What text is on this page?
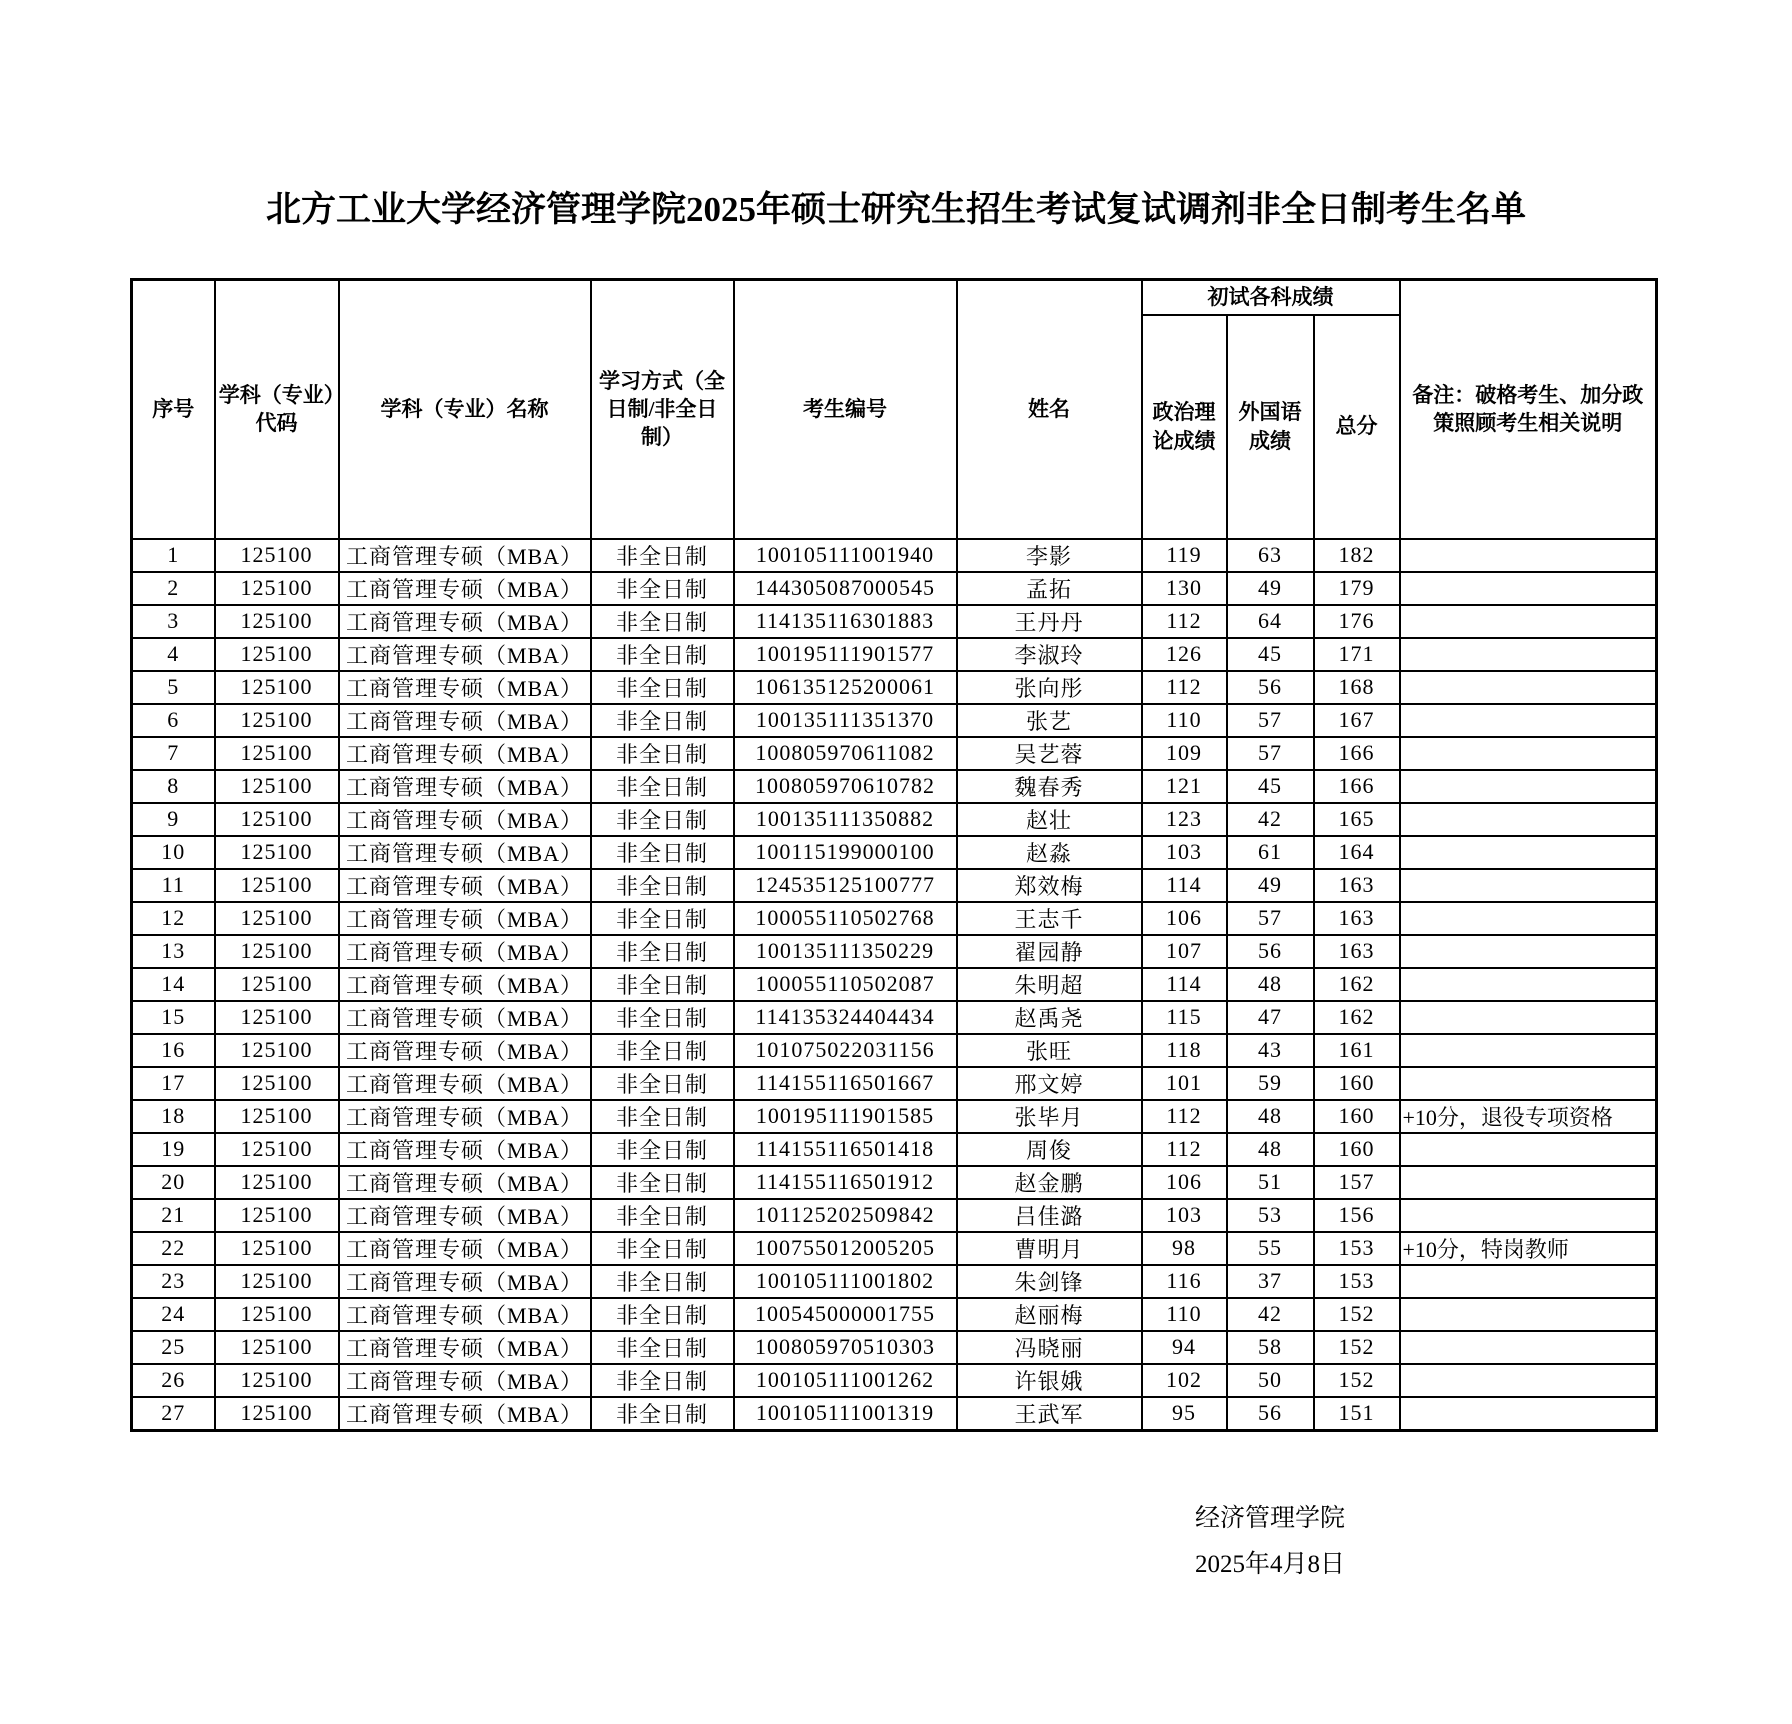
北方工业大学经济管理学院2025年硕士研究生招生考试复试调剂非全日制考生名单
序号	学科（专业）代码	学科（专业）名称	学习方式（全日制/非全日制）	考生编号	姓名	初试各科成绩			备注：破格考生、加分政策照顾考生相关说明
						政治理论成绩	外国语成绩	总分	
1	125100	工商管理专硕（MBA）	非全日制	100105111001940	李影	119	63	182	
2	125100	工商管理专硕（MBA）	非全日制	144305087000545	孟拓	130	49	179	
3	125100	工商管理专硕（MBA）	非全日制	114135116301883	王丹丹	112	64	176	
4	125100	工商管理专硕（MBA）	非全日制	100195111901577	李淑玲	126	45	171	
5	125100	工商管理专硕（MBA）	非全日制	106135125200061	张向彤	112	56	168	
6	125100	工商管理专硕（MBA）	非全日制	100135111351370	张艺	110	57	167	
7	125100	工商管理专硕（MBA）	非全日制	100805970611082	吴艺蓉	109	57	166	
8	125100	工商管理专硕（MBA）	非全日制	100805970610782	魏春秀	121	45	166	
9	125100	工商管理专硕（MBA）	非全日制	100135111350882	赵壮	123	42	165	
10	125100	工商管理专硕（MBA）	非全日制	100115199000100	赵淼	103	61	164	
11	125100	工商管理专硕（MBA）	非全日制	124535125100777	郑效梅	114	49	163	
12	125100	工商管理专硕（MBA）	非全日制	100055110502768	王志千	106	57	163	
13	125100	工商管理专硕（MBA）	非全日制	100135111350229	翟园静	107	56	163	
14	125100	工商管理专硕（MBA）	非全日制	100055110502087	朱明超	114	48	162	
15	125100	工商管理专硕（MBA）	非全日制	114135324404434	赵禹尧	115	47	162	
16	125100	工商管理专硕（MBA）	非全日制	101075022031156	张旺	118	43	161	
17	125100	工商管理专硕（MBA）	非全日制	114155116501667	邢文婷	101	59	160	
18	125100	工商管理专硕（MBA）	非全日制	100195111901585	张毕月	112	48	160	+10分，退役专项资格
19	125100	工商管理专硕（MBA）	非全日制	114155116501418	周俊	112	48	160	
20	125100	工商管理专硕（MBA）	非全日制	114155116501912	赵金鹏	106	51	157	
21	125100	工商管理专硕（MBA）	非全日制	101125202509842	吕佳潞	103	53	156	
22	125100	工商管理专硕（MBA）	非全日制	100755012005205	曹明月	98	55	153	+10分，特岗教师
23	125100	工商管理专硕（MBA）	非全日制	100105111001802	朱剑锋	116	37	153	
24	125100	工商管理专硕（MBA）	非全日制	100545000001755	赵丽梅	110	42	152	
25	125100	工商管理专硕（MBA）	非全日制	100805970510303	冯晓丽	94	58	152	
26	125100	工商管理专硕（MBA）	非全日制	100105111001262	许银娥	102	50	152	
27	125100	工商管理专硕（MBA）	非全日制	100105111001319	王武军	95	56	151	
经济管理学院
2025年4月8日
